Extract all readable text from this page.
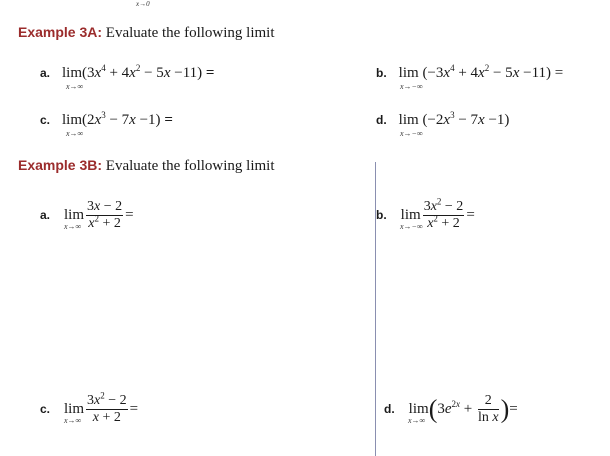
x→0
Example 3A: Evaluate the following limit
a. $\lim(3x^4 + 4x^2 - 5x -11)$ =
x→∞
b. $\lim (-3x^4 + 4x^2 - 5x -11)$ =
x→−∞
c. $\lim(2x^3 - 7x -1)$ =
x→∞
d. $\lim (-2x^3 - 7x -1)$
x→−∞
Example 3B: Evaluate the following limit
a. $\lim \frac{3x - 2}{x^2 + 2}$ =
x→∞
b. $\lim \frac{3x^2 - 2}{x^2 + 2}$ =
x→−∞
c. $\lim \frac{3x^2 - 2}{x + 2}$ =
x→∞
d. $\lim(3e^{2x} + \frac{2}{\text{ln x}}$ )=
x→∞
